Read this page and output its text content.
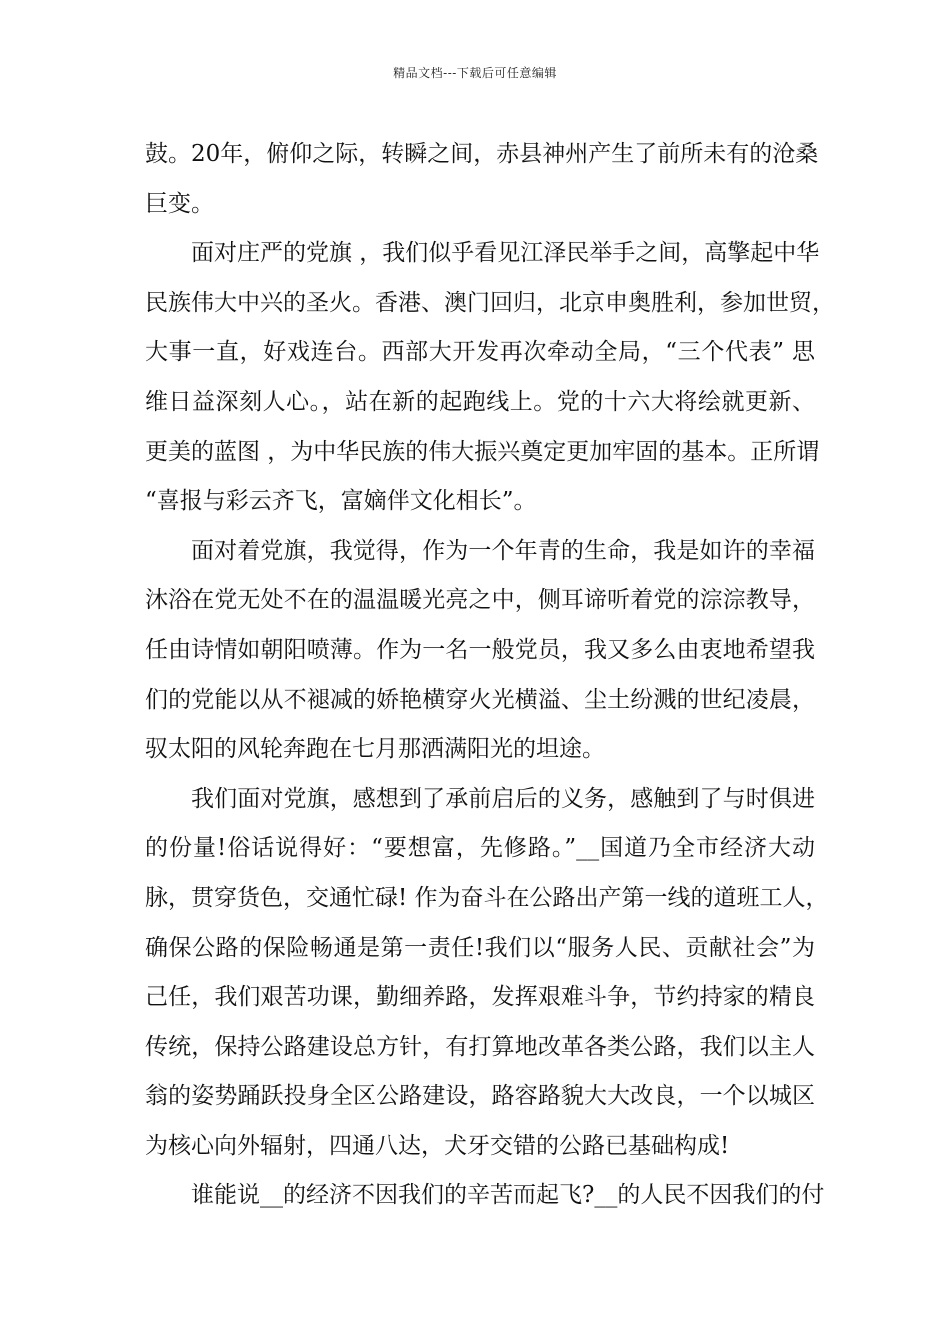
精品文档---下载后可任意编辑
鼓。20年，俯仰之际，转瞬之间，赤县神州产生了前所未有的沧桑
巨变。
面对庄严的党旗 ，我们似乎看见江泽民举手之间，高擎起中华
民族伟大中兴的圣火。香港、澳门回归，北京申奥胜利，参加世贸，
大事一直，好戏连台。西部大开发再次牵动全局，“三个代表” 思
维日益深刻人心。，站在新的起跑线上。党的十六大将绘就更新、
更美的蓝图 ，为中华民族的伟大振兴奠定更加牢固的基本。正所谓
“喜报与彩云齐飞，富嫡伴文化相长”。
面对着党旗，我觉得，作为一个年青的生命，我是如许的幸福
沐浴在党无处不在的温温暖光亮之中，侧耳谛听着党的淙淙教导，
任由诗情如朝阳喷薄。作为一名一般党员，我又多么由衷地希望我
们的党能以从不褪减的娇艳横穿火光横溢、尘土纷溅的世纪凌晨，
驭太阳的风轮奔跑在七月那洒满阳光的坦途。
我们面对党旗，感想到了承前启后的义务，感触到了与时俱进
的份量!俗话说得好：“要想富，先修路。”__国道乃全市经济大动
脉，贯穿货色，交通忙碌! 作为奋斗在公路出产第一线的道班工人，
确保公路的保险畅通是第一责任!我们以“服务人民、贡献社会”为
己任，我们艰苦功课，勤细养路，发挥艰难斗争，节约持家的精良
传统，保持公路建设总方针，有打算地改革各类公路，我们以主人
翁的姿势踊跃投身全区公路建设，路容路貌大大改良，一个以城区
为核心向外辐射，四通八达，犬牙交错的公路已基础构成!
谁能说__的经济不因我们的辛苦而起飞?__的人民不因我们的付
